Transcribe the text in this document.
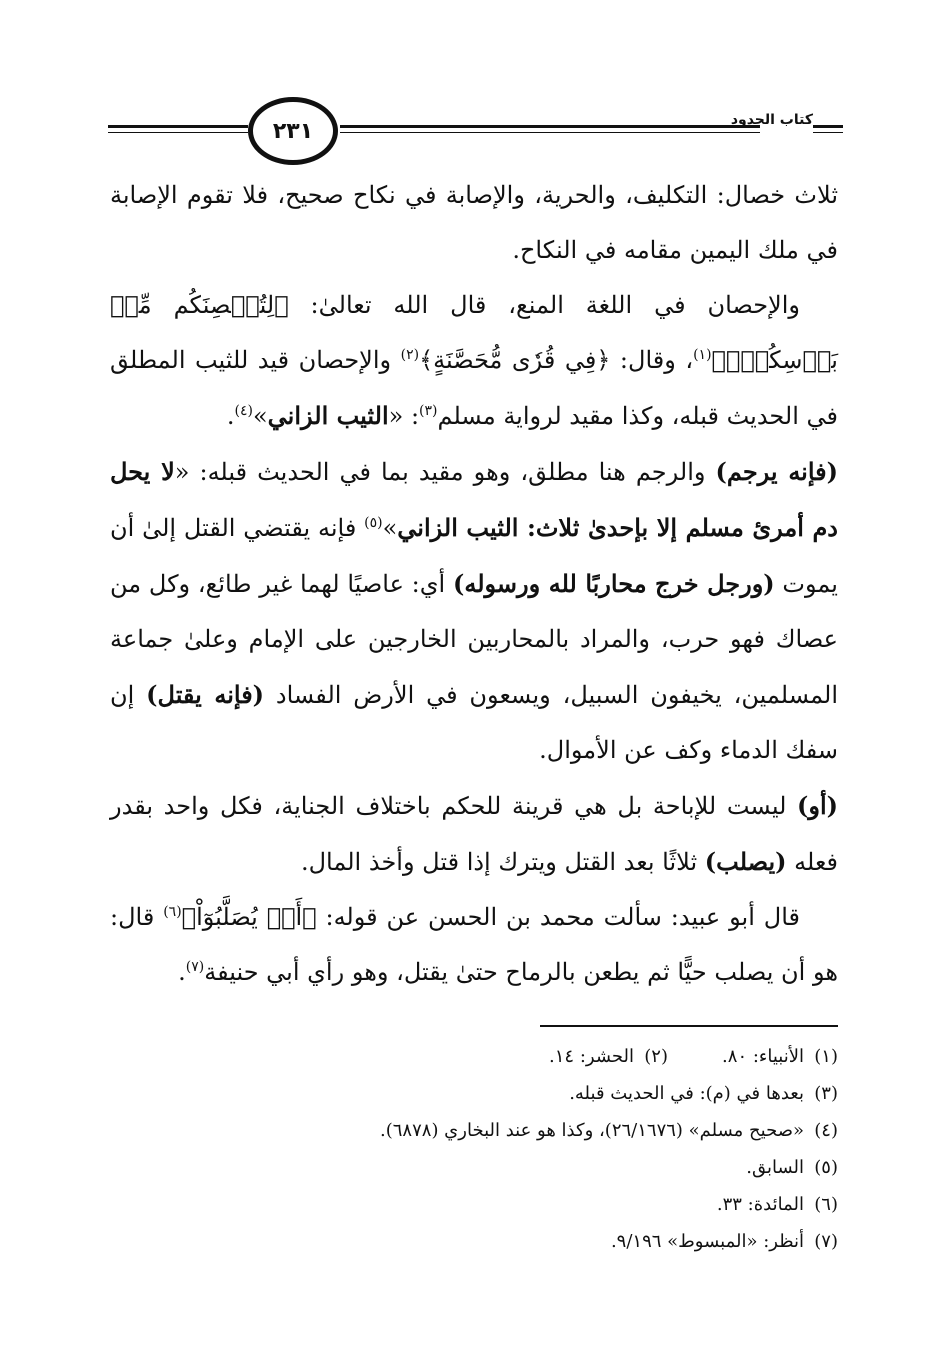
٢٣١	كتاب الحدود

ثلاث خصال: التكليف، والحرية، والإصابة في نكاح صحيح، فلا تقوم الإصابة في ملك اليمين مقامه في النكاح.

والإحصان في اللغة المنع، قال الله تعالىٰ: ﴿لِتُحۡصِنَكُم مِّنۢ بَأۡسِكُمۡۖ﴾$^{(١)}$، وقال: ﴿فِي قُرٗى مُّحَصَّنَةٍ﴾$^{(٢)}$ والإحصان قيد للثيب المطلق في الحديث قبله، وكذا مقيد لرواية مسلم$^{(٣)}$: «الثيب الزاني»$^{(٤)}$.

(فإنه يرجم) والرجم هنا مطلق، وهو مقيد بما في الحديث قبله: «لا يحل دم أمرئ مسلم إلا بإحدىٰ ثلاث: الثيب الزاني»$^{(٥)}$ فإنه يقتضي القتل إلىٰ أن يموت (ورجل خرج محاربًا لله ورسوله) أي: عاصيًا لهما غير طائع، وكل من عصاك فهو حرب، والمراد بالمحاربين الخارجين على الإمام وعلىٰ جماعة المسلمين، يخيفون السبيل، ويسعون في الأرض الفساد (فإنه يقتل) إن سفك الدماء وكف عن الأموال.

(أو) ليست للإباحة بل هي قرينة للحكم باختلاف الجناية، فكل واحد بقدر فعله (يصلب) ثلاثًا بعد القتل ويترك إذا قتل وأخذ المال.

قال أبو عبيد: سألت محمد بن الحسن عن قوله: ﴿أَوۡ يُصَلَّبُوٓاْ﴾$^{(٦)}$ قال: هو أن يصلب حيًّا ثم يطعن بالرماح حتىٰ يقتل، وهو رأي أبي حنيفة$^{(٧)}$.

(١)الأنبياء: ٨٠.
(٢)الحشر: ١٤.
(٣)بعدها في (م): في الحديث قبله.
(٤)«صحيح مسلم» (٢٦/١٦٧٦)، وكذا هو عند البخاري (٦٨٧٨).
(٥)السابق.
(٦)المائدة: ٣٣.
(٧)أنظر: «المبسوط» ٩/١٩٦.
